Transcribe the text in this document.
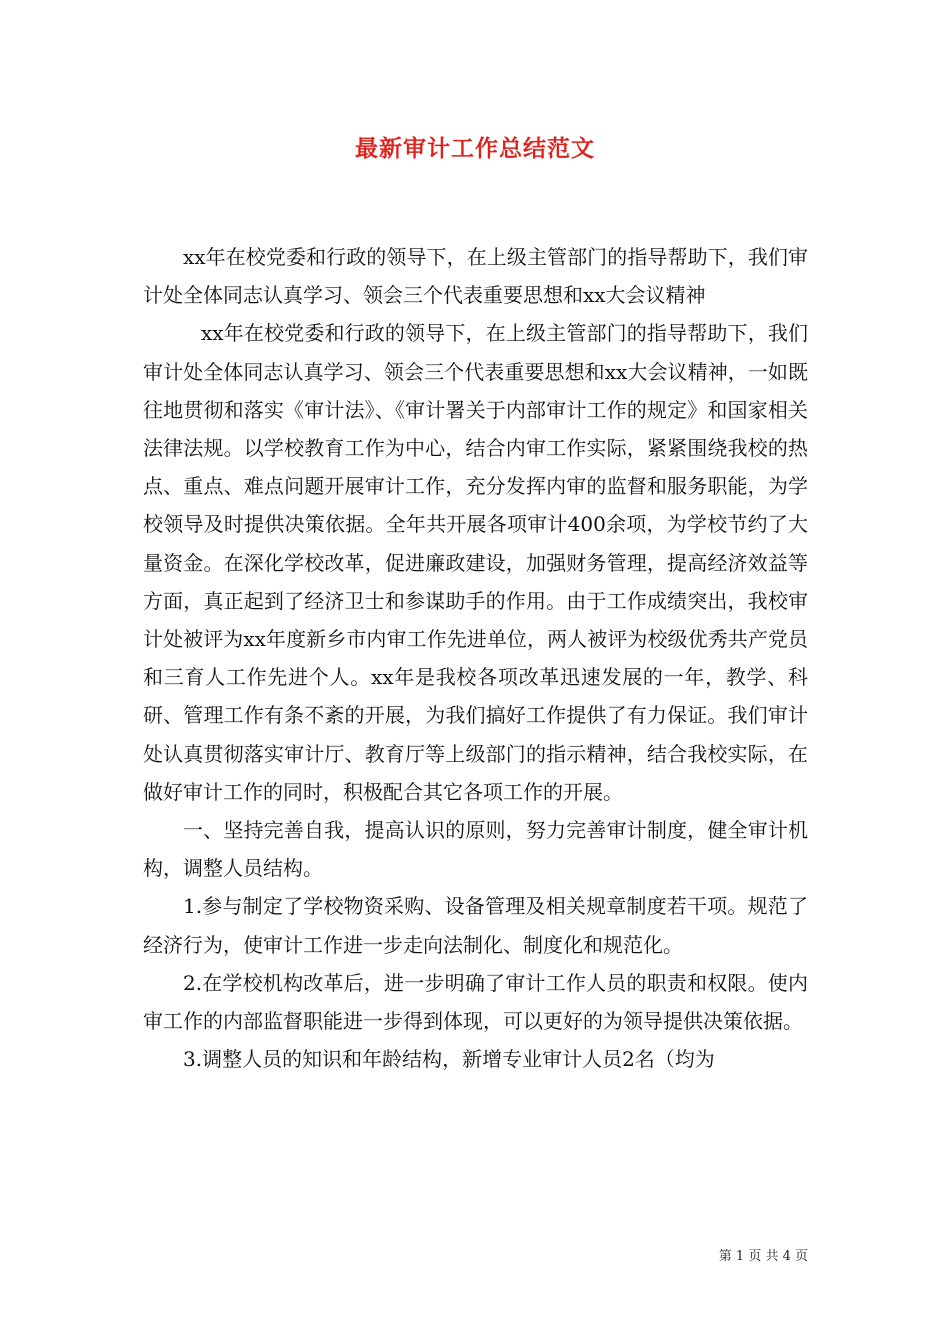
最新审计工作总结范文

xx年在校党委和行政的领导下，在上级主管部门的指导帮助下，我们审计处全体同志认真学习、领会三个代表重要思想和xx大会议精神

xx年在校党委和行政的领导下，在上级主管部门的指导帮助下，我们审计处全体同志认真学习、领会三个代表重要思想和xx大会议精神，一如既往地贯彻和落实《审计法》、《审计署关于内部审计工作的规定》和国家相关法律法规。以学校教育工作为中心，结合内审工作实际，紧紧围绕我校的热点、重点、难点问题开展审计工作，充分发挥内审的监督和服务职能，为学校领导及时提供决策依据。全年共开展各项审计400余项，为学校节约了大量资金。在深化学校改革，促进廉政建设，加强财务管理，提高经济效益等方面，真正起到了经济卫士和参谋助手的作用。由于工作成绩突出，我校审计处被评为xx年度新乡市内审工作先进单位，两人被评为校级优秀共产党员和三育人工作先进个人。xx年是我校各项改革迅速发展的一年，教学、科研、管理工作有条不紊的开展，为我们搞好工作提供了有力保证。我们审计处认真贯彻落实审计厅、教育厅等上级部门的指示精神，结合我校实际，在做好审计工作的同时，积极配合其它各项工作的开展。

一、坚持完善自我，提高认识的原则，努力完善审计制度，健全审计机构，调整人员结构。

1.参与制定了学校物资采购、设备管理及相关规章制度若干项。规范了经济行为，使审计工作进一步走向法制化、制度化和规范化。

2.在学校机构改革后，进一步明确了审计工作人员的职责和权限。使内审工作的内部监督职能进一步得到体现，可以更好的为领导提供决策依据。

3.调整人员的知识和年龄结构，新增专业审计人员2名（均为

第 1 页 共 4 页
